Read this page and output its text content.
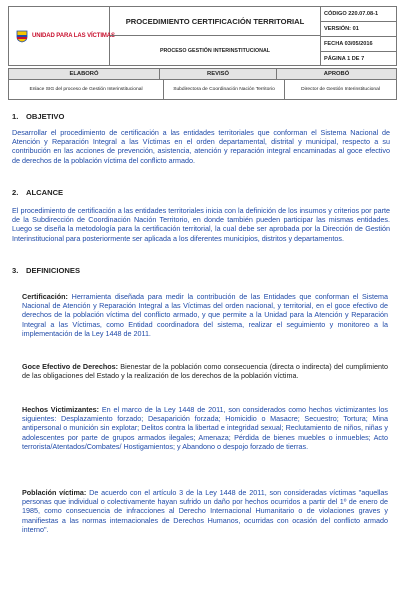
UNIDAD PARA LAS VÍCTIMAS
PROCEDIMIENTO CERTIFICACIÓN TERRITORIAL
PROCESO GESTIÓN INTERINSTITUCIONAL
CÓDIGO 220.07.08-1
VERSIÓN: 01
FECHA 03/05/2016
PÁGINA 1 DE 7
ELABORÓ	REVISÓ	APROBÓ
Enlace SIG del proceso de Gestión Interinstitucional	Subdirectora de Coordinación Nación Territorio	Director de Gestión Interinstitucional
1. OBJETIVO
Desarrollar el procedimiento de certificación a las entidades territoriales que conforman el Sistema Nacional de Atención y Reparación Integral a las Víctimas en el orden departamental, distrital y municipal, respecto a su contribución en las acciones de prevención, asistencia, atención y reparación integral encaminadas al goce efectivo de derechos de la población víctima del conflicto armado.
2. ALCANCE
El procedimiento de certificación a las entidades territoriales inicia con la definición de los insumos y criterios por parte de la Subdirección de Coordinación Nación Territorio, en donde también pueden participar las mismas entidades. Luego se diseña la metodología para la certificación territorial, la cual debe ser aprobada por la Dirección de Gestión Interinstitucional para posteriormente ser aplicada a los diferentes municipios, distritos y departamentos.
3. DEFINICIONES
Certificación: Herramienta diseñada para medir la contribución de las Entidades que conforman el Sistema Nacional de Atención y Reparación Integral a las Víctimas del orden nacional, y territorial, en el goce efectivo de derechos de la población víctima del conflicto armado, y que permite a la Unidad para la Atención y Reparación Integral a las Víctimas, como Entidad coordinadora del sistema, realizar el seguimiento y monitoreo a la implementación de la Ley 1448 de 2011.
Goce Efectivo de Derechos: Bienestar de la población como consecuencia (directa o indirecta) del cumplimiento de las obligaciones del Estado y la realización de los derechos de la población víctima.
Hechos Victimizantes: En el marco de la Ley 1448 de 2011, son considerados como hechos victimizantes los siguientes: Desplazamiento forzado; Desaparición forzada; Homicidio o Masacre; Secuestro; Tortura; Mina antipersonal o munición sin explotar; Delitos contra la libertad e integridad sexual; Reclutamiento de niños, niñas y adolescentes por parte de grupos armados ilegales; Amenaza; Pérdida de bienes muebles o inmuebles; Acto terrorista/Atentados/Combates/ Hostigamientos; y Abandono o despojo forzado de tierras.
Población víctima: De acuerdo con el artículo 3 de la Ley 1448 de 2011, son consideradas víctimas "aquellas personas que individual o colectivamente hayan sufrido un daño por hechos ocurridos a partir del 1º de enero de 1985, como consecuencia de infracciones al Derecho Internacional Humanitario o de violaciones graves y manifiestas a las normas internacionales de Derechos Humanos, ocurridas con ocasión del conflicto armado interno".
